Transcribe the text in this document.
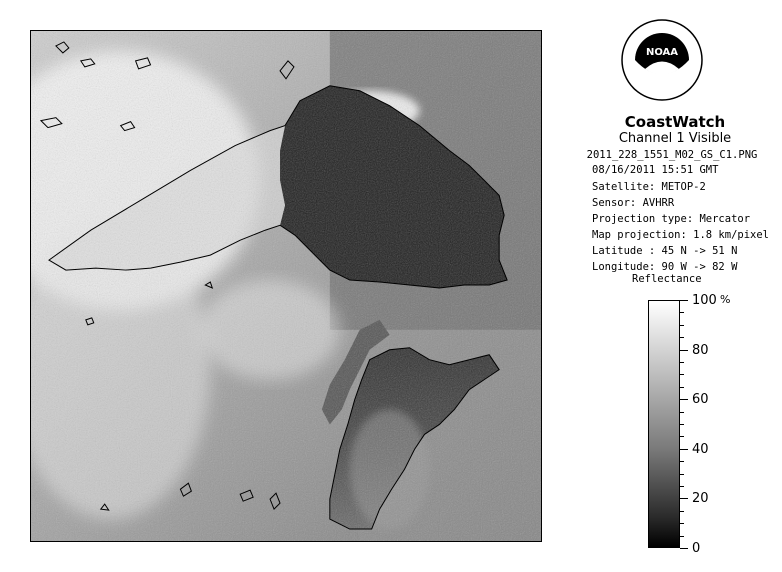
NOAA
CoastWatch
Channel 1 Visible
2011_228_1551_M02_GS_C1.PNG
08/16/2011 15:51 GMT
Satellite: METOP-2
Sensor: AVHRR
Projection type: Mercator
Map projection: 1.8 km/pixel
Latitude : 45 N -> 51 N
Longitude: 90 W -> 82 W
Reflectance
%
100
80
60
40
20
0
